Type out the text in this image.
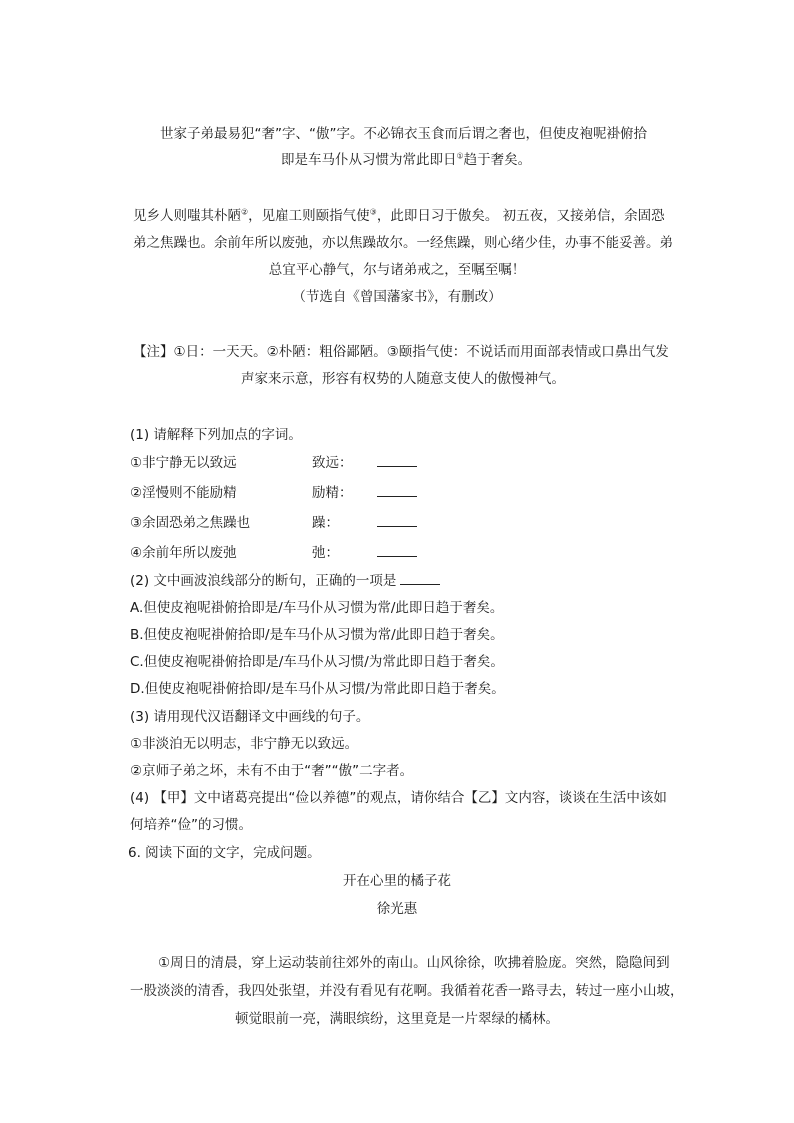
世家子弟最易犯“奢”字、“傲”字。不必锦衣玉食而后谓之奢也，但使皮袍呢褂俯拾
即是车马仆从习惯为常此即日①趋于奢矣。
见乡人则嗤其朴陋②，见雇工则颐指气使③，此即日习于傲矣。 初五夜，又接弟信，余固恐
弟之焦躁也。余前年所以废弛，亦以焦躁故尔。一经焦躁，则心绪少佳，办事不能妥善。弟
总宜平心静气，尔与诸弟戒之，至嘱至嘱！
（节选自《曾国藩家书》，有删改）
【注】①日：一天天。②朴陋：粗俗鄙陋。③颐指气使：不说话而用面部表情或口鼻出气发
声家来示意，形容有权势的人随意支使人的傲慢神气。
(1) 请解释下列加点的字词。
①非宁静无以致远	致远：
②淫慢则不能励精	励精：
③余固恐弟之焦躁也	躁：
④余前年所以废弛	弛：
(2) 文中画波浪线部分的断句，正确的一项是
A.但使皮袍呢褂俯拾即是/车马仆从习惯为常/此即日趋于奢矣。
B.但使皮袍呢褂俯拾即/是车马仆从习惯为常/此即日趋于奢矣。
C.但使皮袍呢褂俯拾即是/车马仆从习惯/为常此即日趋于奢矣。
D.但使皮袍呢褂俯拾即/是车马仆从习惯/为常此即日趋于奢矣。
(3) 请用现代汉语翻译文中画线的句子。
①非淡泊无以明志，非宁静无以致远。
②京师子弟之坏，未有不由于“奢”“傲”二字者。
(4) 【甲】文中诸葛亮提出“俭以养德”的观点，请你结合【乙】文内容，谈谈在生活中该如
何培养“俭”的习惯。
6. 阅读下面的文字，完成问题。
开在心里的橘子花
徐光惠
①周日的清晨，穿上运动装前往郊外的南山。山风徐徐，吹拂着脸庞。突然，隐隐间到
一股淡淡的清香，我四处张望，并没有看见有花啊。我循着花香一路寻去，转过一座小山坡，
顿觉眼前一亮，满眼缤纷，这里竟是一片翠绿的橘林。
